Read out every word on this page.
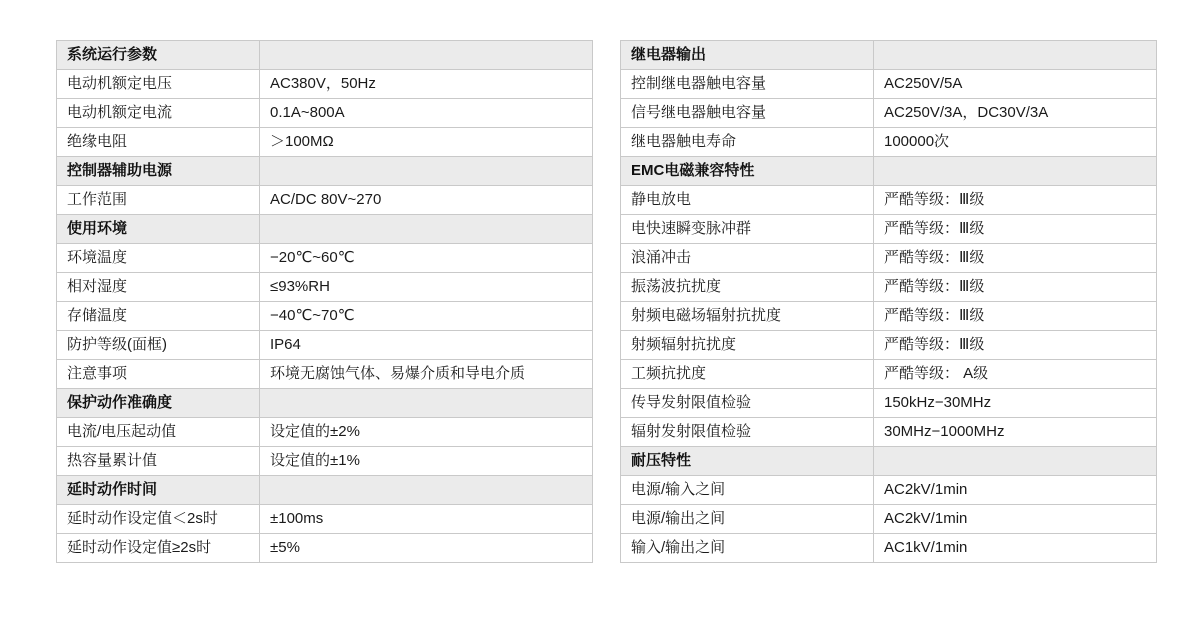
系统运行参数	
电动机额定电压	AC380V，50Hz
电动机额定电流	0.1A~800A
绝缘电阻	＞100MΩ
控制器辅助电源	
工作范围	AC/DC 80V~270
使用环境	
环境温度	−20℃~60℃
相对湿度	≤93%RH
存储温度	−40℃~70℃
防护等级(面框)	IP64
注意事项	环境无腐蚀气体、易爆介质和导电介质
保护动作准确度	
电流/电压起动值	设定值的±2%
热容量累计值	设定值的±1%
延时动作时间	
延时动作设定值＜2s时	±100ms
延时动作设定值≥2s时	±5%
继电器输出	
控制继电器触电容量	AC250V/5A
信号继电器触电容量	AC250V/3A，DC30V/3A
继电器触电寿命	100000次
EMC电磁兼容特性	
静电放电	严酷等级：Ⅲ级
电快速瞬变脉冲群	严酷等级：Ⅲ级
浪涌冲击	严酷等级：Ⅲ级
振荡波抗扰度	严酷等级：Ⅲ级
射频电磁场辐射抗扰度	严酷等级：Ⅲ级
射频辐射抗扰度	严酷等级：Ⅲ级
工频抗扰度	严酷等级： A级
传导发射限值检验	150kHz−30MHz
辐射发射限值检验	30MHz−1000MHz
耐压特性	
电源/输入之间	AC2kV/1min
电源/输出之间	AC2kV/1min
输入/输出之间	AC1kV/1min
